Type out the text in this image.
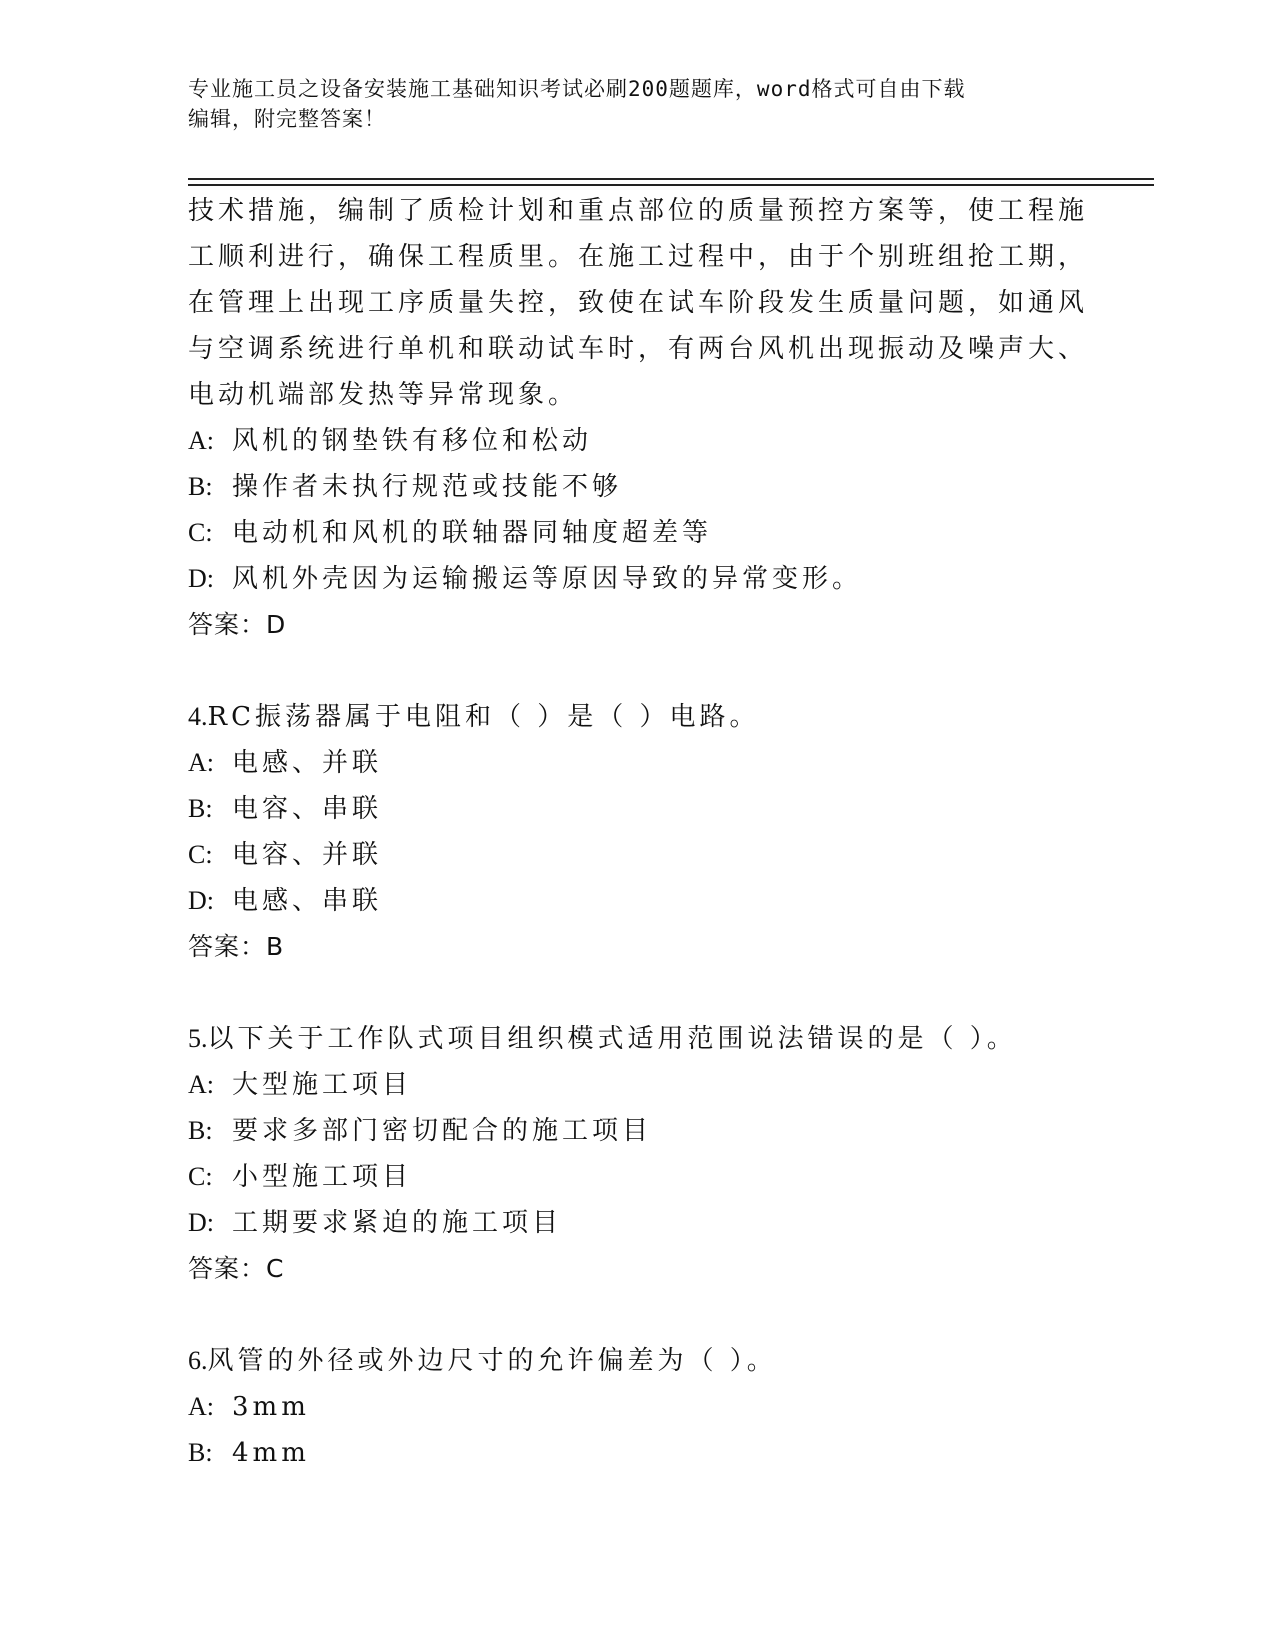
专业施工员之设备安装施工基础知识考试必刷200题题库，word格式可自由下载
编辑，附完整答案！

技术措施，编制了质检计划和重点部位的质量预控方案等，使工程施

工顺利进行，确保工程质里。在施工过程中，由于个别班组抢工期，

在管理上出现工序质量失控，致使在试车阶段发生质量问题，如通风

与空调系统进行单机和联动试车时，有两台风机出现振动及噪声大、

电动机端部发热等异常现象。

A: 风机的钢垫铁有移位和松动

B: 操作者未执行规范或技能不够

C: 电动机和风机的联轴器同轴度超差等

D: 风机外壳因为运输搬运等原因导致的异常变形。

答案：D

4.RC振荡器属于电阻和（ ）是（ ）电路。

A: 电感、并联

B: 电容、串联

C: 电容、并联

D: 电感、串联

答案：B

5.以下关于工作队式项目组织模式适用范围说法错误的是（ ）。

A: 大型施工项目

B: 要求多部门密切配合的施工项目

C: 小型施工项目

D: 工期要求紧迫的施工项目

答案：C

6.风管的外径或外边尺寸的允许偏差为（ ）。

A: 3mm

B: 4mm
